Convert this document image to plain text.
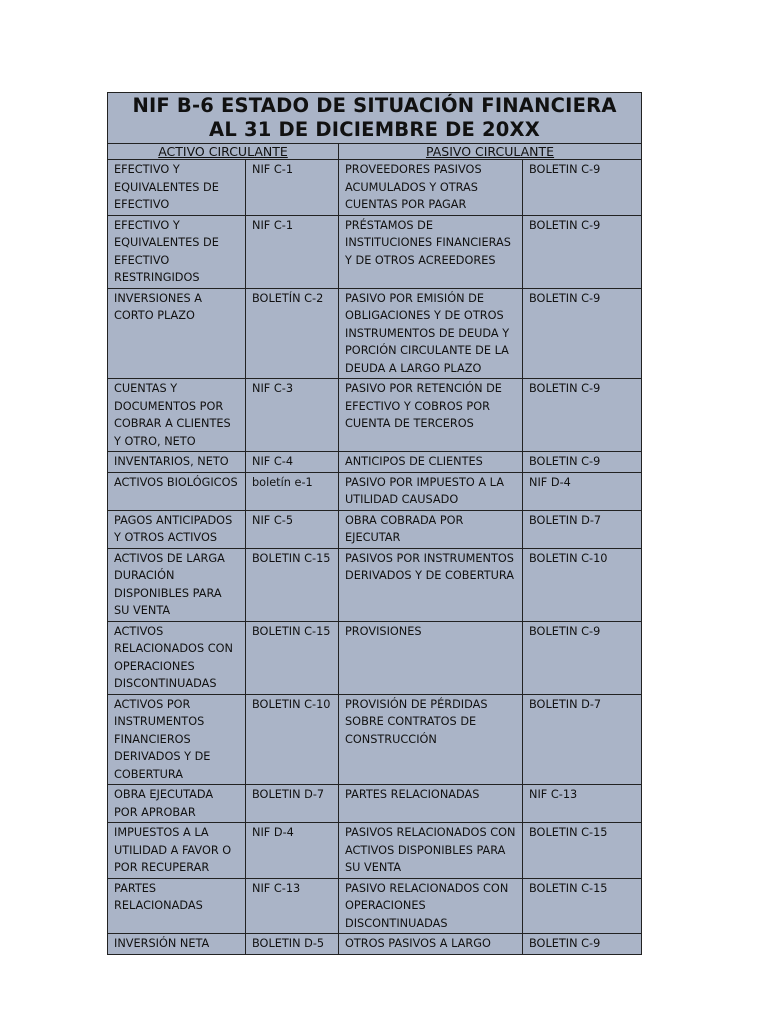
NIF B-6 ESTADO DE SITUACIÓN FINANCIERA
AL 31 DE DICIEMBRE DE 20XX			

ACTIVO CIRCULANTE		PASIVO CIRCULANTE	
EFECTIVO Y EQUIVALENTES DE EFECTIVO	NIF C-1	PROVEEDORES PASIVOS ACUMULADOS Y OTRAS CUENTAS POR PAGAR	BOLETIN C-9
EFECTIVO Y EQUIVALENTES DE EFECTIVO RESTRINGIDOS	NIF C-1	PRÉSTAMOS DE INSTITUCIONES FINANCIERAS Y DE OTROS ACREEDORES	BOLETIN C-9
INVERSIONES A CORTO PLAZO	BOLETÍN C-2	PASIVO POR EMISIÓN DE OBLIGACIONES Y DE OTROS INSTRUMENTOS DE DEUDA Y PORCIÓN CIRCULANTE DE LA DEUDA A LARGO PLAZO	BOLETIN C-9
CUENTAS Y DOCUMENTOS POR COBRAR A CLIENTES Y OTRO, NETO	NIF C-3	PASIVO POR RETENCIÓN DE EFECTIVO Y COBROS POR CUENTA DE TERCEROS	BOLETIN C-9
INVENTARIOS, NETO	NIF C-4	ANTICIPOS DE CLIENTES	BOLETIN C-9
ACTIVOS BIOLÓGICOS	boletín e-1	PASIVO POR IMPUESTO A LA UTILIDAD CAUSADO	NIF D-4
PAGOS ANTICIPADOS Y OTROS ACTIVOS	NIF C-5	OBRA COBRADA POR EJECUTAR	BOLETIN D-7
ACTIVOS DE LARGA DURACIÓN DISPONIBLES PARA SU VENTA	BOLETIN C-15	PASIVOS POR INSTRUMENTOS DERIVADOS Y DE COBERTURA	BOLETIN C-10
ACTIVOS RELACIONADOS CON OPERACIONES DISCONTINUADAS	BOLETIN C-15	PROVISIONES	BOLETIN C-9
ACTIVOS POR INSTRUMENTOS FINANCIEROS DERIVADOS Y DE COBERTURA	BOLETIN C-10	PROVISIÓN DE PÉRDIDAS SOBRE CONTRATOS DE CONSTRUCCIÓN	BOLETIN D-7
OBRA EJECUTADA POR APROBAR	BOLETIN D-7	PARTES RELACIONADAS	NIF C-13
IMPUESTOS A LA UTILIDAD A FAVOR O POR RECUPERAR	NIF D-4	PASIVOS RELACIONADOS CON ACTIVOS DISPONIBLES PARA SU VENTA	BOLETIN C-15
PARTES RELACIONADAS	NIF C-13	PASIVO RELACIONADOS CON OPERACIONES DISCONTINUADAS	BOLETIN C-15
INVERSIÓN NETA	BOLETIN D-5	OTROS PASIVOS A LARGO	BOLETIN C-9
